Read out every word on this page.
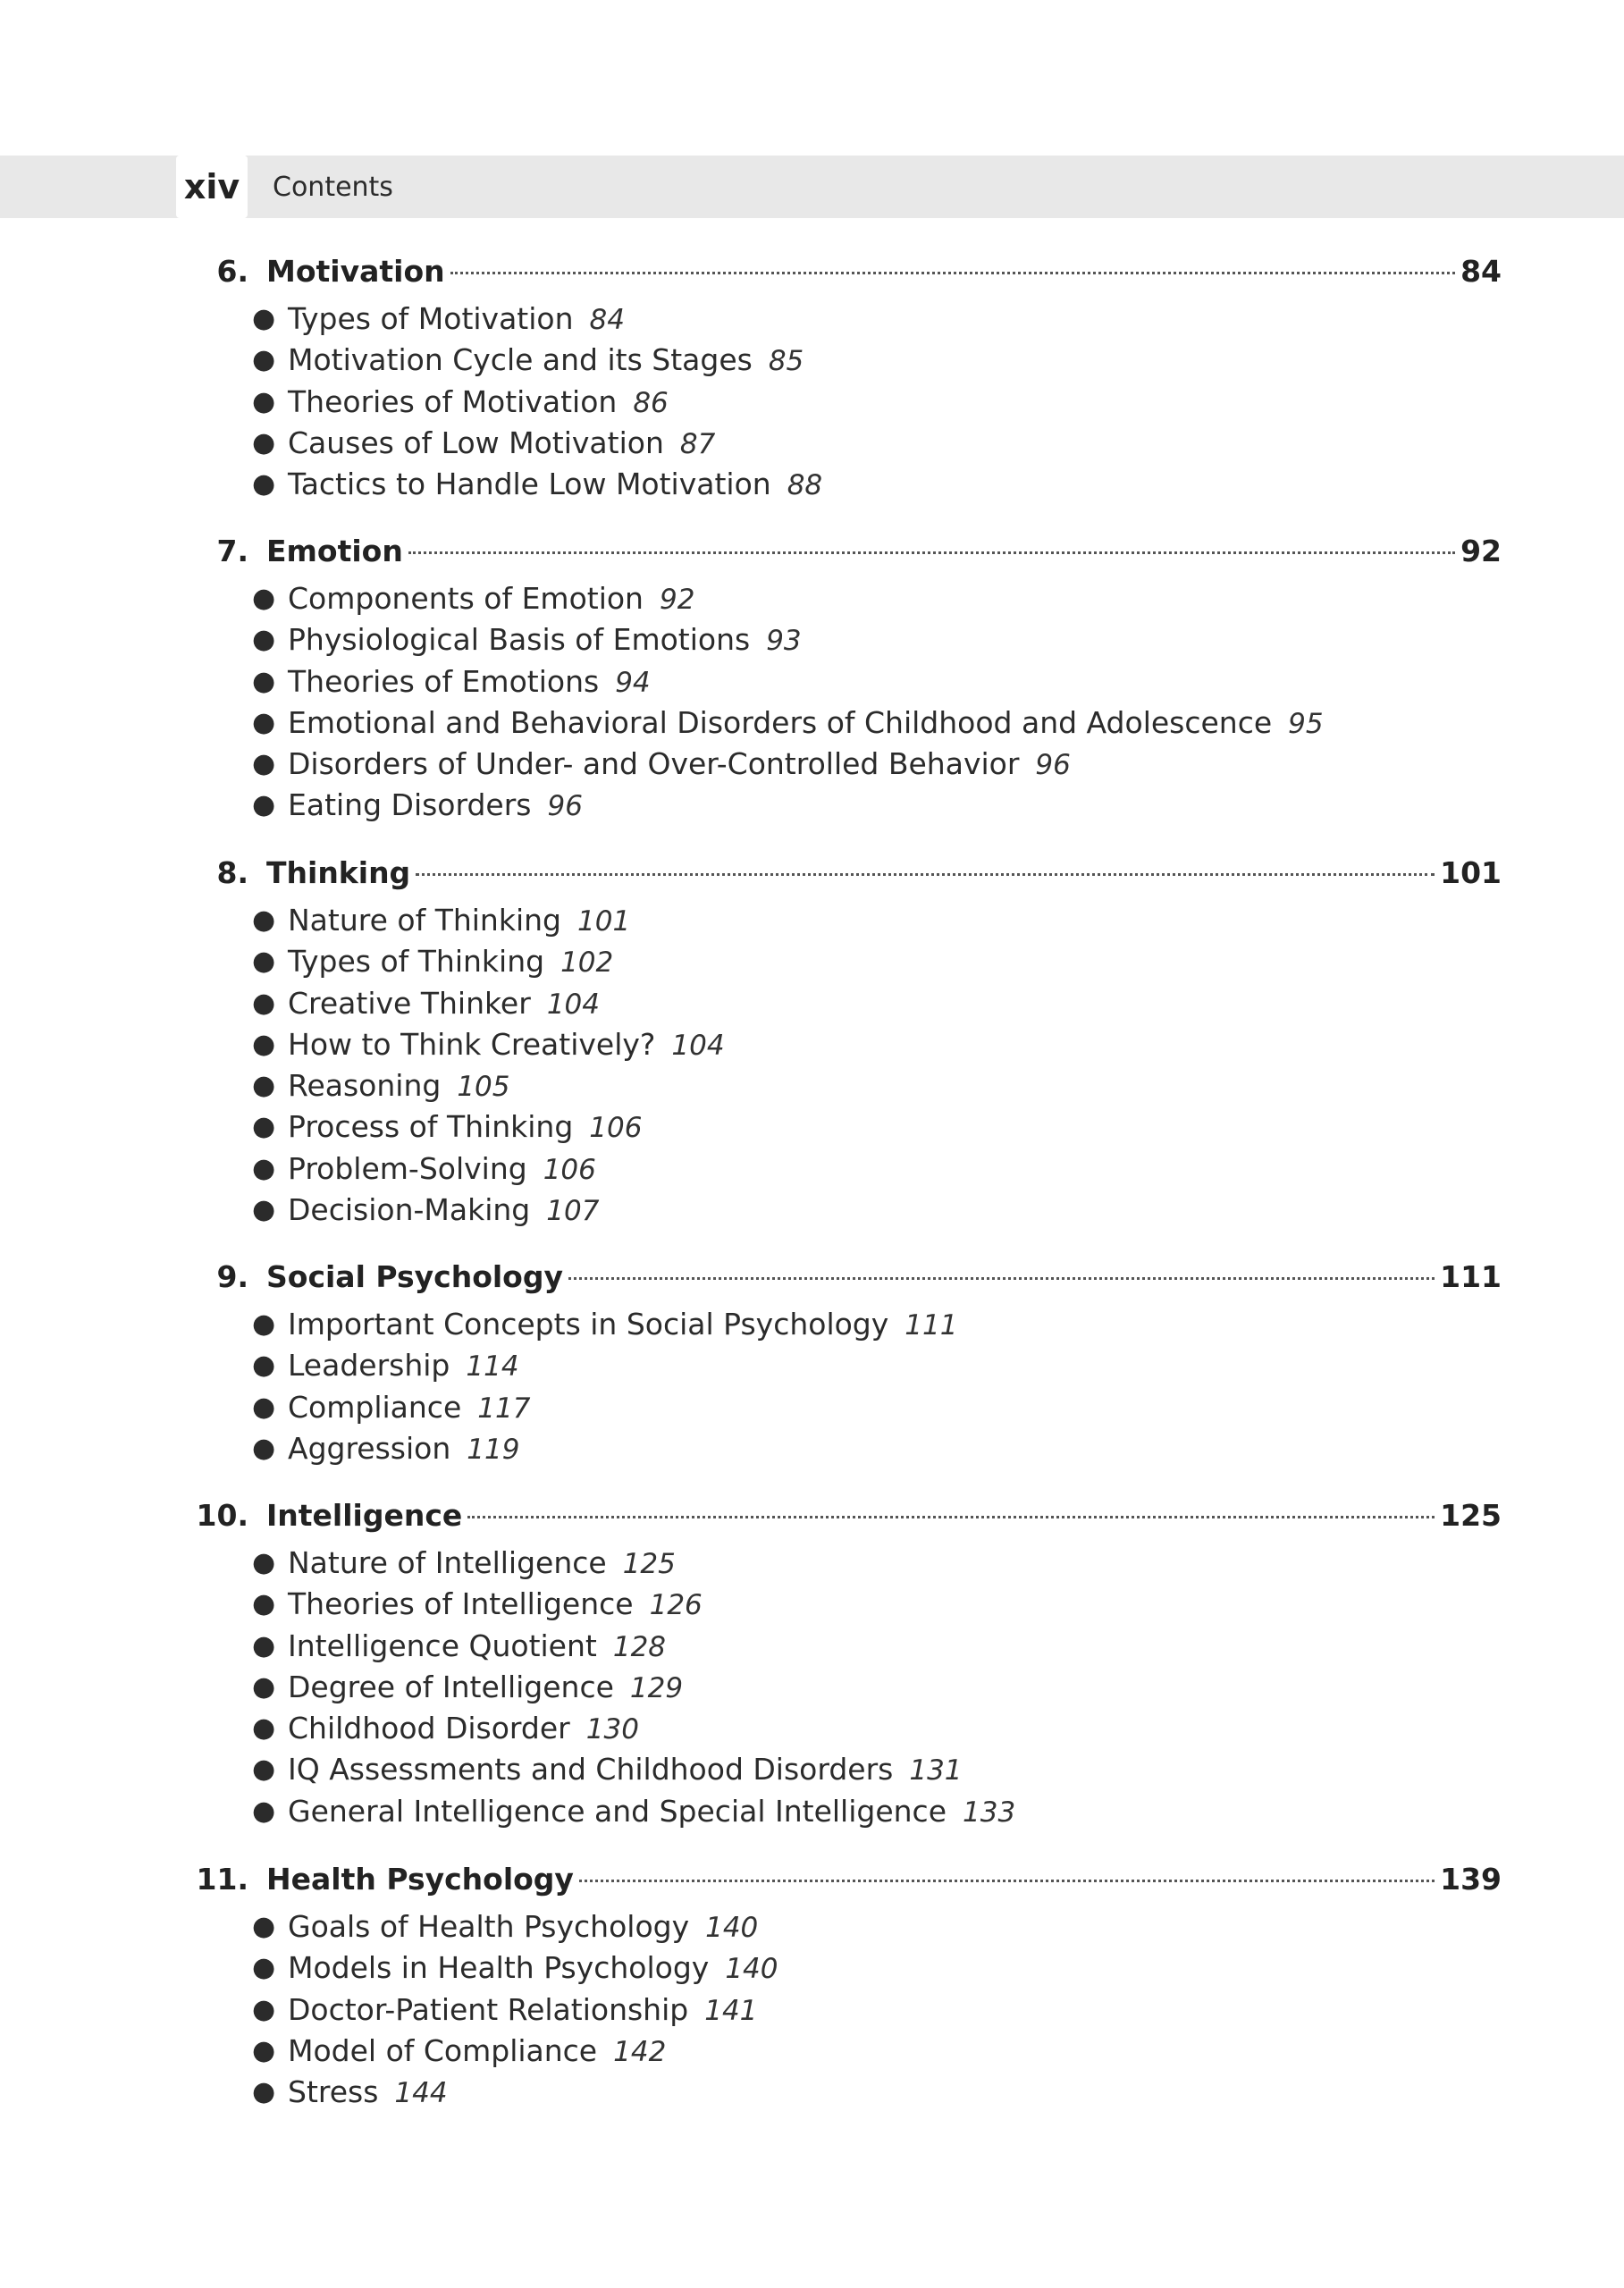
xiv Contents
6. Motivation	84
● Types of Motivation 84
● Motivation Cycle and its Stages 85
● Theories of Motivation 86
● Causes of Low Motivation 87
● Tactics to Handle Low Motivation 88
7. Emotion	92
● Components of Emotion 92
● Physiological Basis of Emotions 93
● Theories of Emotions 94
● Emotional and Behavioral Disorders of Childhood and Adolescence 95
● Disorders of Under- and Over-Controlled Behavior 96
● Eating Disorders 96
8. Thinking	101
● Nature of Thinking 101
● Types of Thinking 102
● Creative Thinker 104
● How to Think Creatively? 104
● Reasoning 105
● Process of Thinking 106
● Problem-Solving 106
● Decision-Making 107
9. Social Psychology	111
● Important Concepts in Social Psychology 111
● Leadership 114
● Compliance 117
● Aggression 119
10. Intelligence	125
● Nature of Intelligence 125
● Theories of Intelligence 126
● Intelligence Quotient 128
● Degree of Intelligence 129
● Childhood Disorder 130
● IQ Assessments and Childhood Disorders 131
● General Intelligence and Special Intelligence 133
11. Health Psychology	139
● Goals of Health Psychology 140
● Models in Health Psychology 140
● Doctor-Patient Relationship 141
● Model of Compliance 142
● Stress 144
